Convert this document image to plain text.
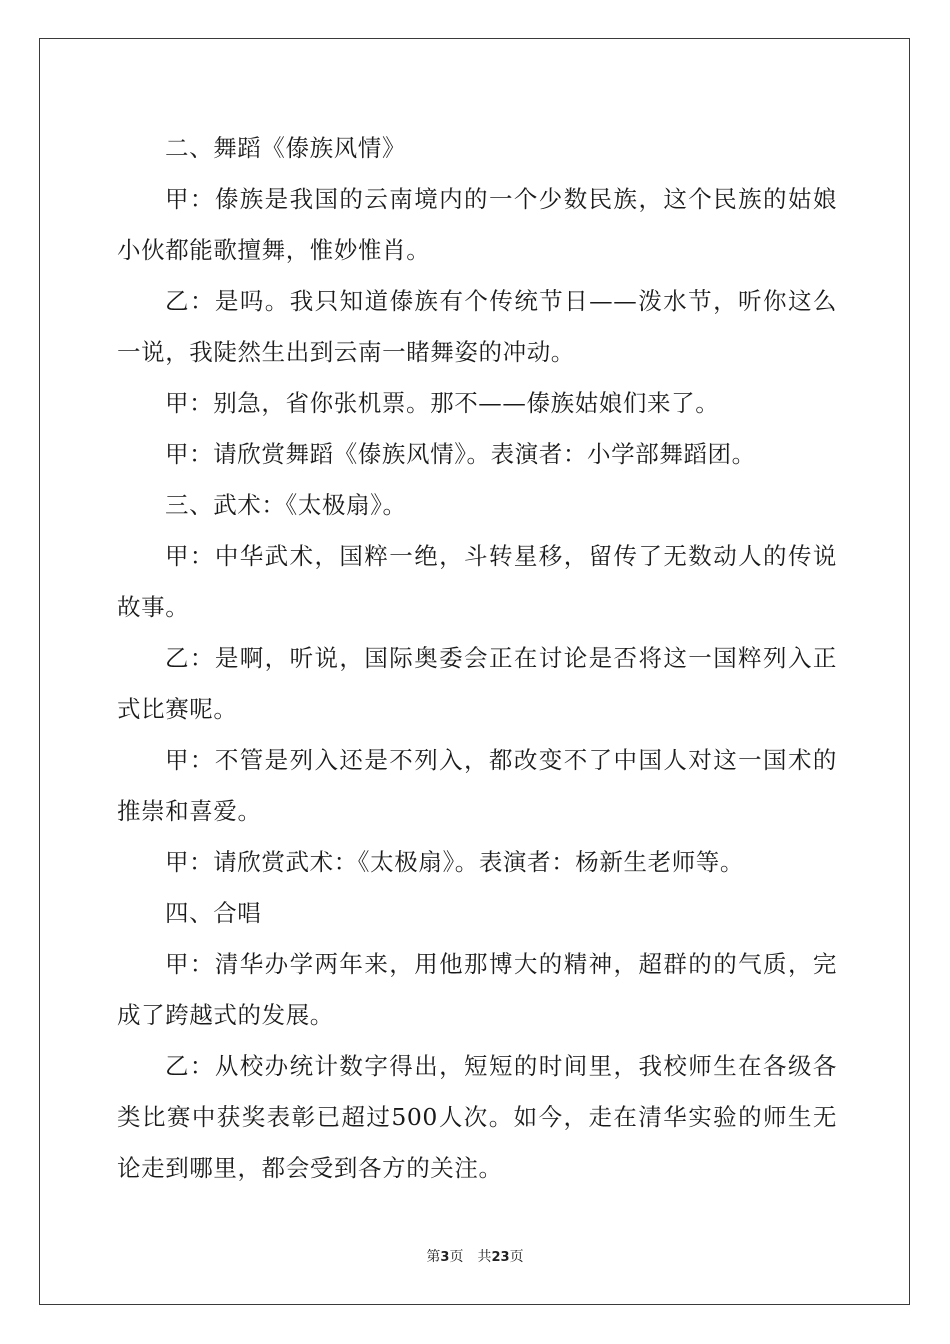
二、舞蹈《傣族风情》

甲：傣族是我国的云南境内的一个少数民族，这个民族的姑娘小伙都能歌擅舞，惟妙惟肖。

乙：是吗。我只知道傣族有个传统节日——泼水节，听你这么一说，我陡然生出到云南一睹舞姿的冲动。

甲：别急，省你张机票。那不——傣族姑娘们来了。

甲：请欣赏舞蹈《傣族风情》。表演者：小学部舞蹈团。

三、武术：《太极扇》。

甲：中华武术，国粹一绝，斗转星移，留传了无数动人的传说故事。

乙：是啊，听说，国际奥委会正在讨论是否将这一国粹列入正式比赛呢。

甲：不管是列入还是不列入，都改变不了中国人对这一国术的推崇和喜爱。

甲：请欣赏武术：《太极扇》。表演者：杨新生老师等。

四、合唱

甲：清华办学两年来，用他那博大的精神，超群的的气质，完成了跨越式的发展。

乙：从校办统计数字得出，短短的时间里，我校师生在各级各类比赛中获奖表彰已超过500人次。如今，走在清华实验的师生无论走到哪里，都会受到各方的关注。

第3页 共23页
